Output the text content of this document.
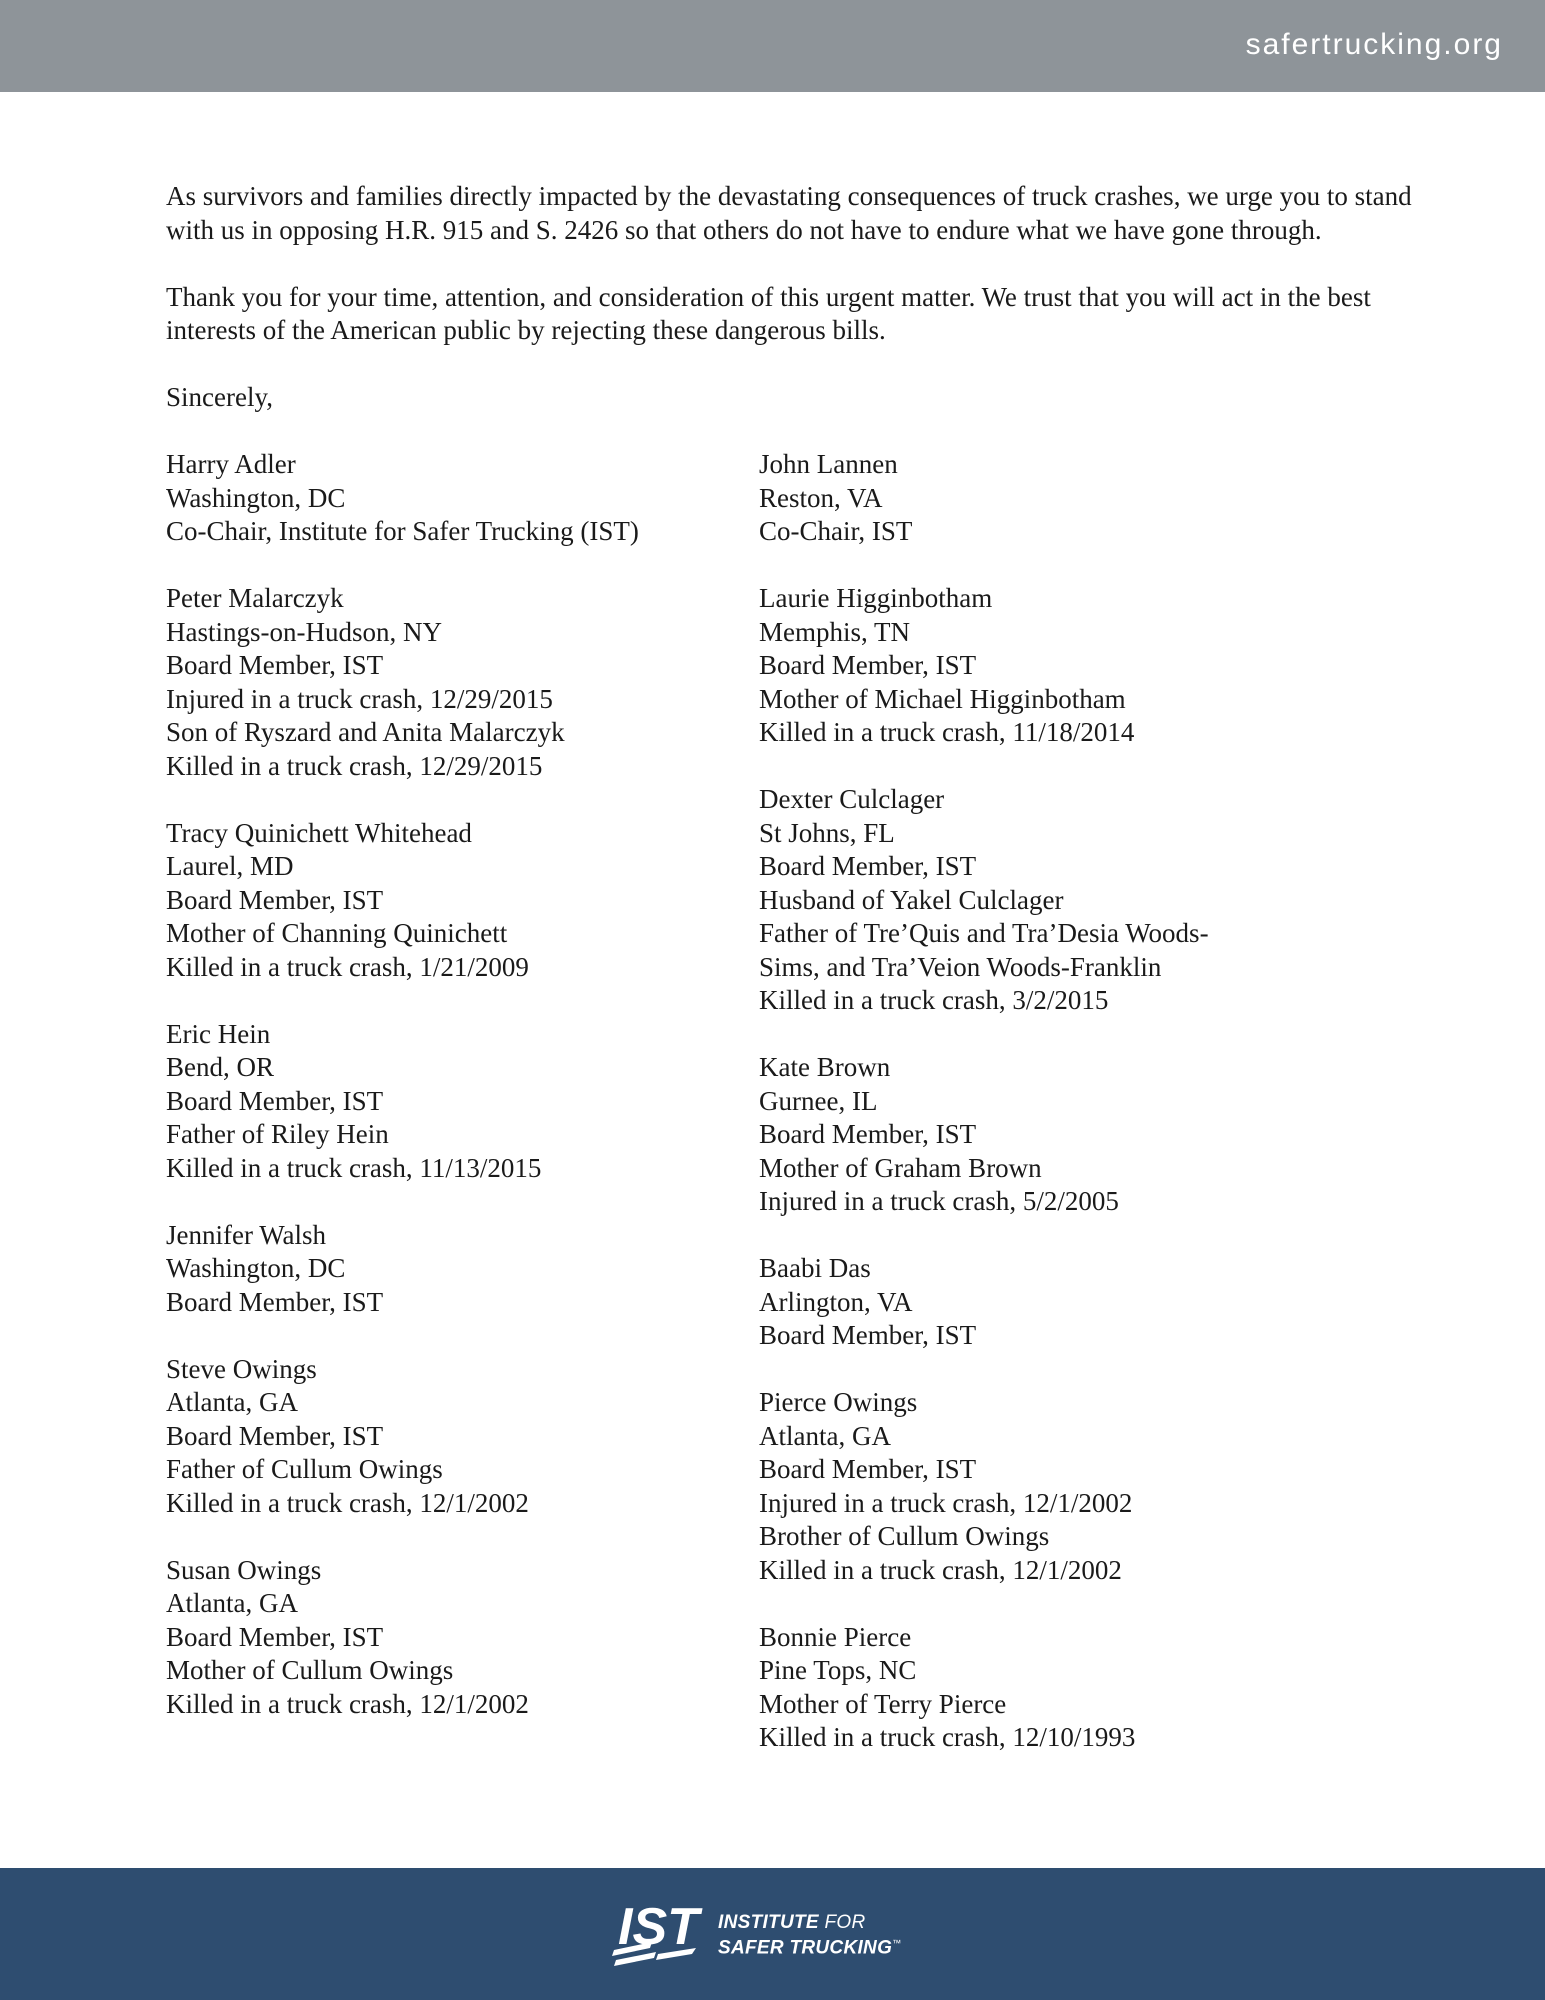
safertrucking.org

As survivors and families directly impacted by the devastating consequences of truck crashes, we urge you to stand with us in opposing H.R. 915 and S. 2426 so that others do not have to endure what we have gone through.

Thank you for your time, attention, and consideration of this urgent matter. We trust that you will act in the best interests of the American public by rejecting these dangerous bills.

Sincerely,

Harry Adler
Washington, DC
Co-Chair, Institute for Safer Trucking (IST)
Peter Malarczyk
Hastings-on-Hudson, NY
Board Member, IST
Injured in a truck crash, 12/29/2015
Son of Ryszard and Anita Malarczyk
Killed in a truck crash, 12/29/2015
Tracy Quinichett Whitehead
Laurel, MD
Board Member, IST
Mother of Channing Quinichett
Killed in a truck crash, 1/21/2009
Eric Hein
Bend, OR
Board Member, IST
Father of Riley Hein
Killed in a truck crash, 11/13/2015
Jennifer Walsh
Washington, DC
Board Member, IST
Steve Owings
Atlanta, GA
Board Member, IST
Father of Cullum Owings
Killed in a truck crash, 12/1/2002
Susan Owings
Atlanta, GA
Board Member, IST
Mother of Cullum Owings
Killed in a truck crash, 12/1/2002
John Lannen
Reston, VA
Co-Chair, IST
Laurie Higginbotham
Memphis, TN
Board Member, IST
Mother of Michael Higginbotham
Killed in a truck crash, 11/18/2014
Dexter Culclager
St Johns, FL
Board Member, IST
Husband of Yakel Culclager
Father of Tre’Quis and Tra’Desia Woods-
Sims, and Tra’Veion Woods-Franklin
Killed in a truck crash, 3/2/2015
Kate Brown
Gurnee, IL
Board Member, IST
Mother of Graham Brown
Injured in a truck crash, 5/2/2005
Baabi Das
Arlington, VA
Board Member, IST
Pierce Owings
Atlanta, GA
Board Member, IST
Injured in a truck crash, 12/1/2002
Brother of Cullum Owings
Killed in a truck crash, 12/1/2002
Bonnie Pierce
Pine Tops, NC
Mother of Terry Pierce
Killed in a truck crash, 12/10/1993
IST INSTITUTE FOR
SAFER TRUCKING™
